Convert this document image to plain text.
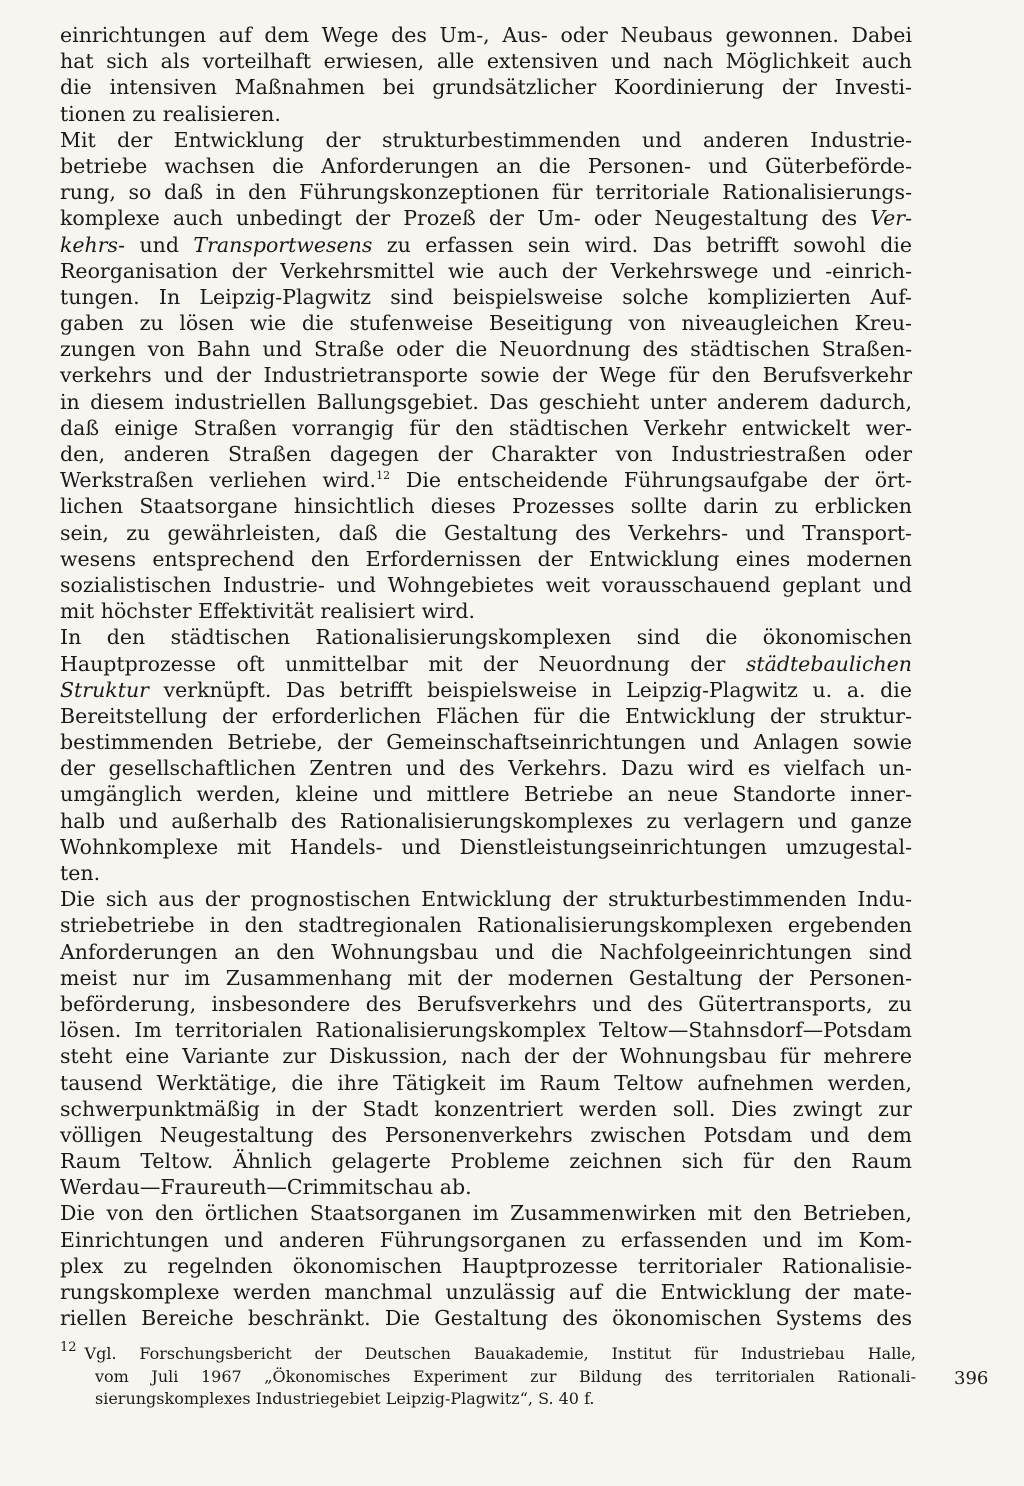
einrichtungen auf dem Wege des Um-, Aus- oder Neubaus gewonnen. Dabei
hat sich als vorteilhaft erwiesen, alle extensiven und nach Möglichkeit auch
die intensiven Maßnahmen bei grundsätzlicher Koordinierung der Investi-
tionen zu realisieren.
Mit der Entwicklung der strukturbestimmenden und anderen Industrie-
betriebe wachsen die Anforderungen an die Personen- und Güterbeförde-
rung, so daß in den Führungskonzeptionen für territoriale Rationalisierungs-
komplexe auch unbedingt der Prozeß der Um- oder Neugestaltung des Ver-
kehrs- und Transportwesens zu erfassen sein wird. Das betrifft sowohl die
Reorganisation der Verkehrsmittel wie auch der Verkehrswege und -einrich-
tungen. In Leipzig-Plagwitz sind beispielsweise solche komplizierten Auf-
gaben zu lösen wie die stufenweise Beseitigung von niveaugleichen Kreu-
zungen von Bahn und Straße oder die Neuordnung des städtischen Straßen-
verkehrs und der Industrietransporte sowie der Wege für den Berufsverkehr
in diesem industriellen Ballungsgebiet. Das geschieht unter anderem dadurch,
daß einige Straßen vorrangig für den städtischen Verkehr entwickelt wer-
den, anderen Straßen dagegen der Charakter von Industriestraßen oder
Werkstraßen verliehen wird.$^{12}$ Die entscheidende Führungsaufgabe der ört-
lichen Staatsorgane hinsichtlich dieses Prozesses sollte darin zu erblicken
sein, zu gewährleisten, daß die Gestaltung des Verkehrs- und Transport-
wesens entsprechend den Erfordernissen der Entwicklung eines modernen
sozialistischen Industrie- und Wohngebietes weit vorausschauend geplant und
mit höchster Effektivität realisiert wird.
In den städtischen Rationalisierungskomplexen sind die ökonomischen
Hauptprozesse oft unmittelbar mit der Neuordnung der städtebaulichen
Struktur verknüpft. Das betrifft beispielsweise in Leipzig-Plagwitz u. a. die
Bereitstellung der erforderlichen Flächen für die Entwicklung der struktur-
bestimmenden Betriebe, der Gemeinschaftseinrichtungen und Anlagen sowie
der gesellschaftlichen Zentren und des Verkehrs. Dazu wird es vielfach un-
umgänglich werden, kleine und mittlere Betriebe an neue Standorte inner-
halb und außerhalb des Rationalisierungskomplexes zu verlagern und ganze
Wohnkomplexe mit Handels- und Dienstleistungseinrichtungen umzugestal-
ten.
Die sich aus der prognostischen Entwicklung der strukturbestimmenden Indu-
striebetriebe in den stadtregionalen Rationalisierungskomplexen ergebenden
Anforderungen an den Wohnungsbau und die Nachfolgeeinrichtungen sind
meist nur im Zusammenhang mit der modernen Gestaltung der Personen-
beförderung, insbesondere des Berufsverkehrs und des Gütertransports, zu
lösen. Im territorialen Rationalisierungskomplex Teltow—Stahnsdorf—Potsdam
steht eine Variante zur Diskussion, nach der der Wohnungsbau für mehrere
tausend Werktätige, die ihre Tätigkeit im Raum Teltow aufnehmen werden,
schwerpunktmäßig in der Stadt konzentriert werden soll. Dies zwingt zur
völligen Neugestaltung des Personenverkehrs zwischen Potsdam und dem
Raum Teltow. Ähnlich gelagerte Probleme zeichnen sich für den Raum
Werdau—Fraureuth—Crimmitschau ab.
Die von den örtlichen Staatsorganen im Zusammenwirken mit den Betrieben,
Einrichtungen und anderen Führungsorganen zu erfassenden und im Kom-
plex zu regelnden ökonomischen Hauptprozesse territorialer Rationalisie-
rungskomplexe werden manchmal unzulässig auf die Entwicklung der mate-
riellen Bereiche beschränkt. Die Gestaltung des ökonomischen Systems des
$^{12}$ Vgl. Forschungsbericht der Deutschen Bauakademie, Institut für Industriebau Halle,
vom Juli 1967 „Ökonomisches Experiment zur Bildung des territorialen Rationali-
sierungskomplexes Industriegebiet Leipzig-Plagwitz“, S. 40 f.
396
